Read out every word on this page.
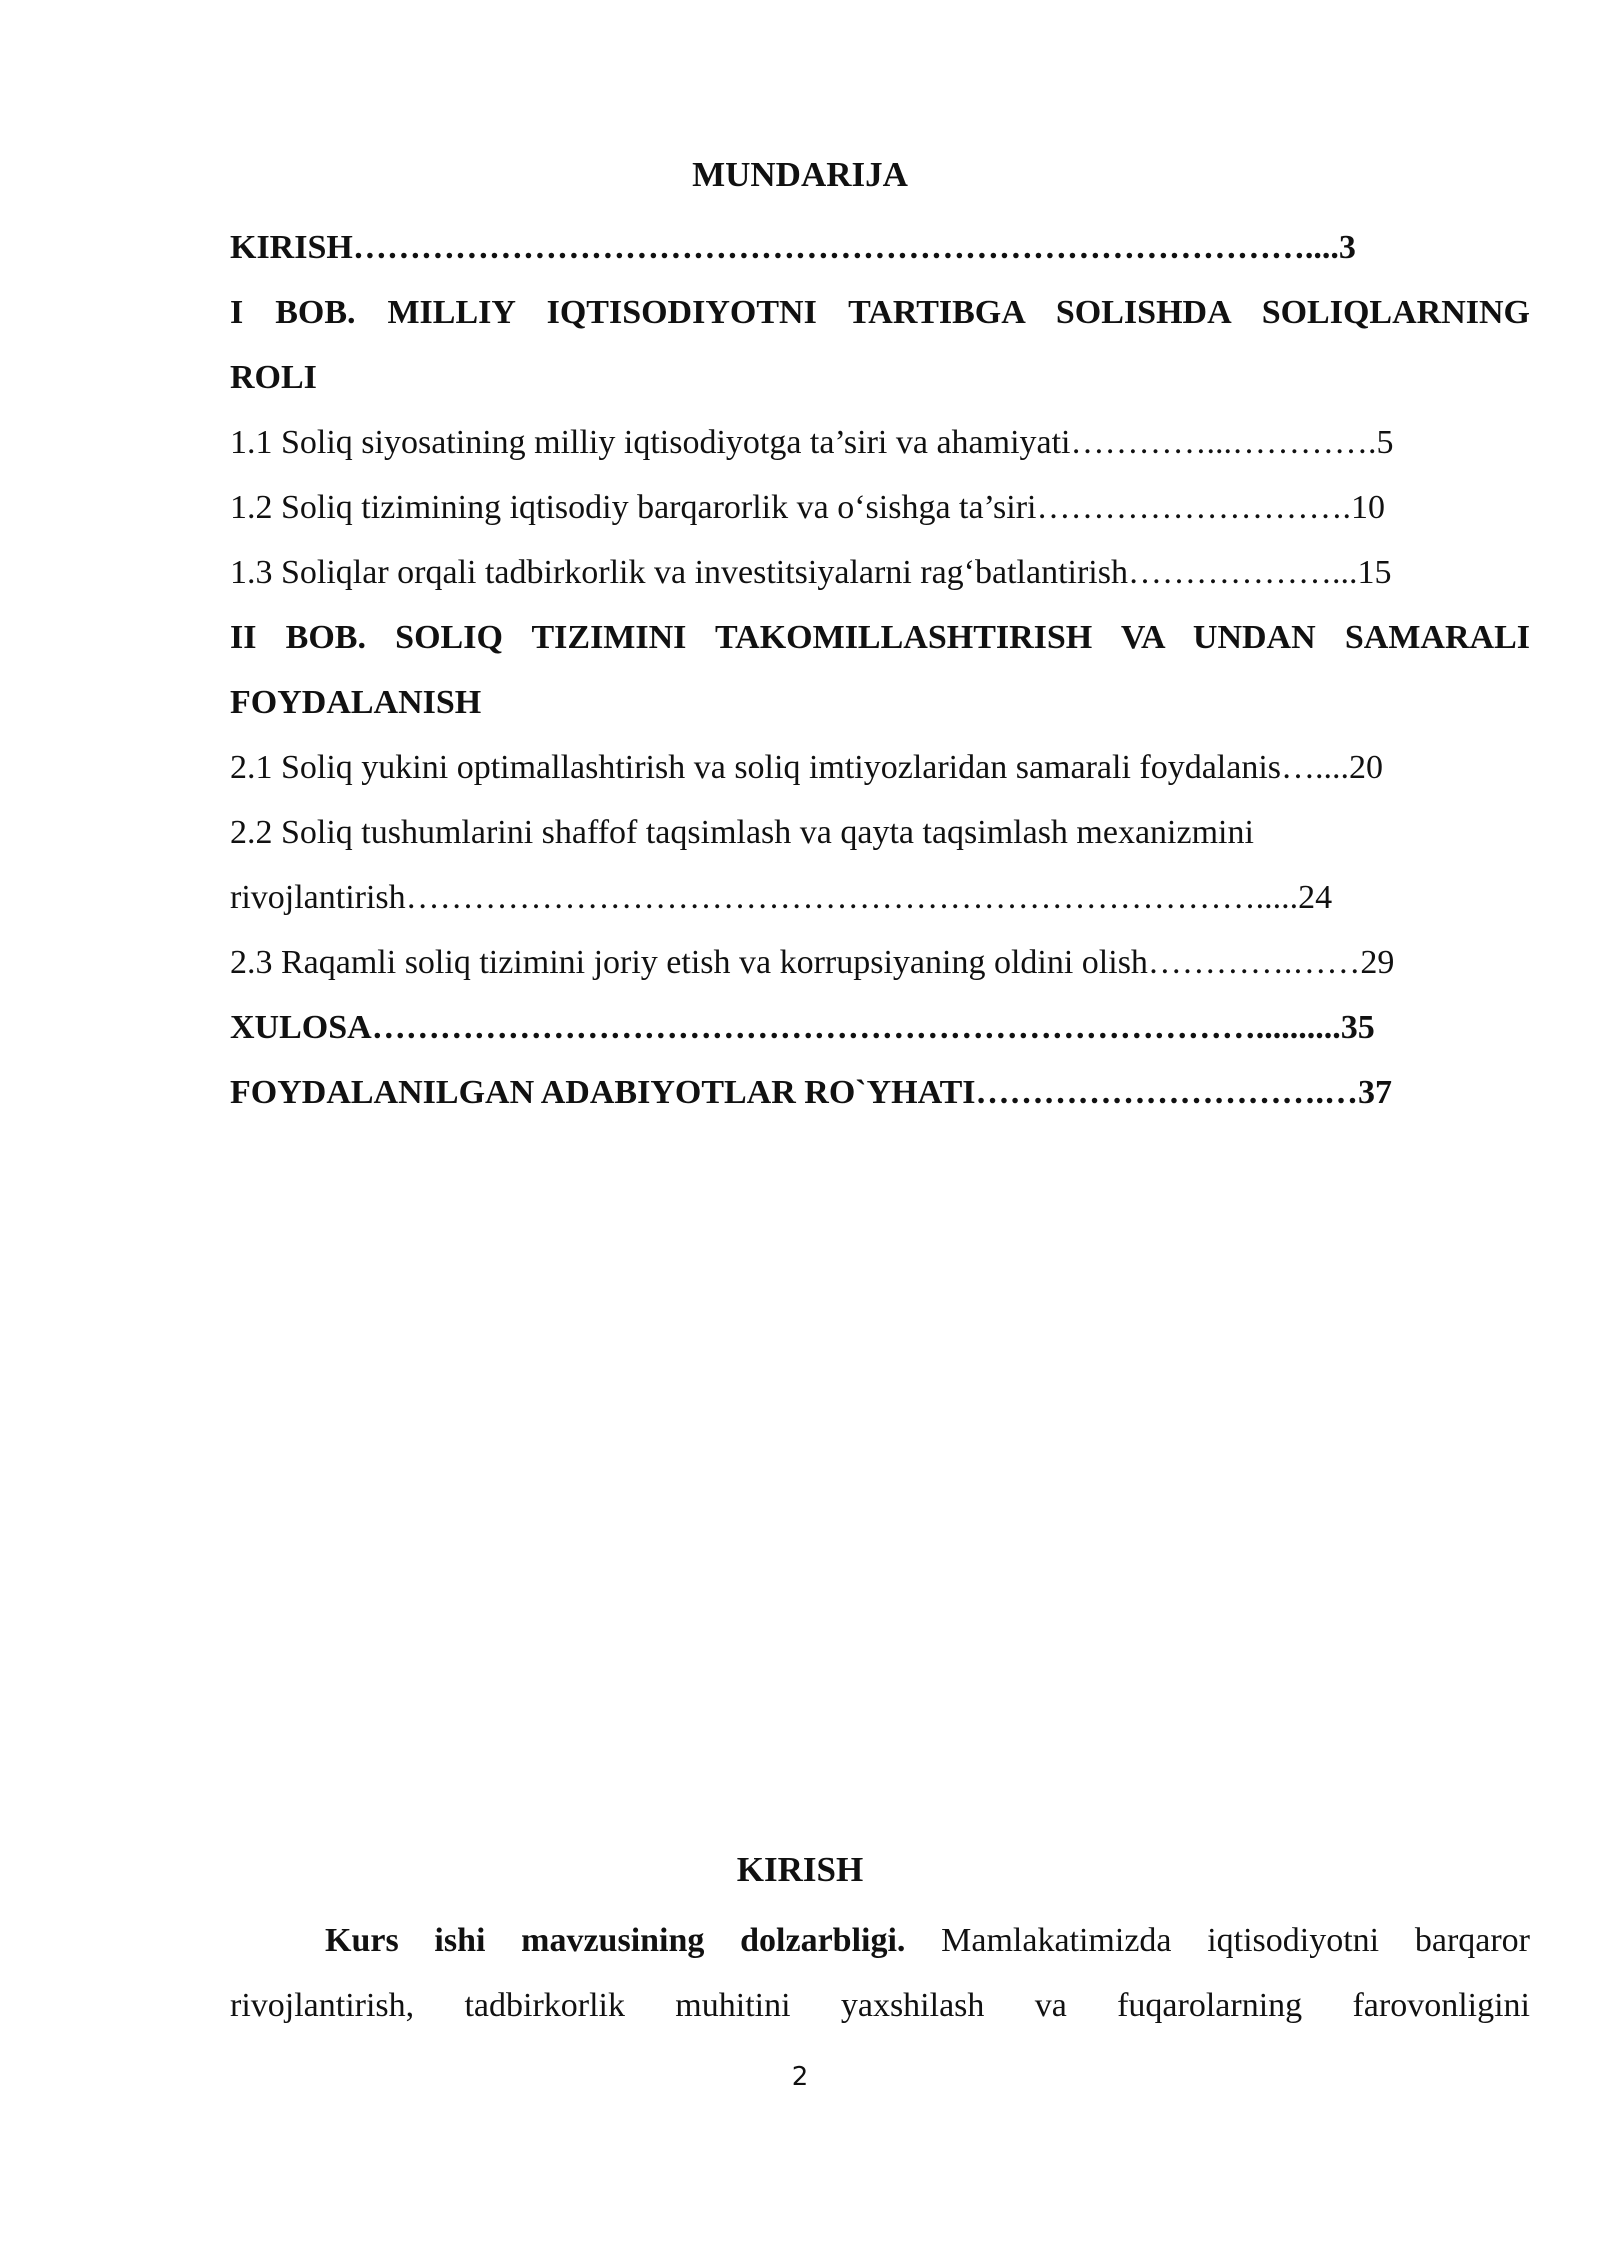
MUNDARIJA
KIRISH…………………………………………………………………………....3
I BOB. MILLIY IQTISODIYOTNI TARTIBGA SOLISHDA SOLIQLARNING
ROLI
1.1 Soliq siyosatining milliy iqtisodiyotga ta’siri va ahamiyati…………...………….5
1.2 Soliq tizimining iqtisodiy barqarorlik va o‘sishga ta’siri……………………….10
1.3 Soliqlar orqali tadbirkorlik va investitsiyalarni rag‘batlantirish………………...15
II BOB. SOLIQ TIZIMINI TAKOMILLASHTIRISH VA UNDAN SAMARALI
FOYDALANISH
2.1 Soliq yukini optimallashtirish va soliq imtiyozlaridan samarali foydalanis…....20
2.2 Soliq tushumlarini shaffof taqsimlash va qayta taqsimlash mexanizmini
rivojlantirish………………………………………………………………….....24
2.3 Raqamli soliq tizimini joriy etish va korrupsiyaning oldini olish………….……29
XULOSA……………………………………………………………………..........35
FOYDALANILGAN ADABIYOTLAR RO`YHATI………………………….…37
KIRISH
Kurs ishi mavzusining dolzarbligi. Mamlakatimizda iqtisodiyotni barqaror
rivojlantirish, tadbirkorlik muhitini yaxshilash va fuqarolarning farovonligini
2
